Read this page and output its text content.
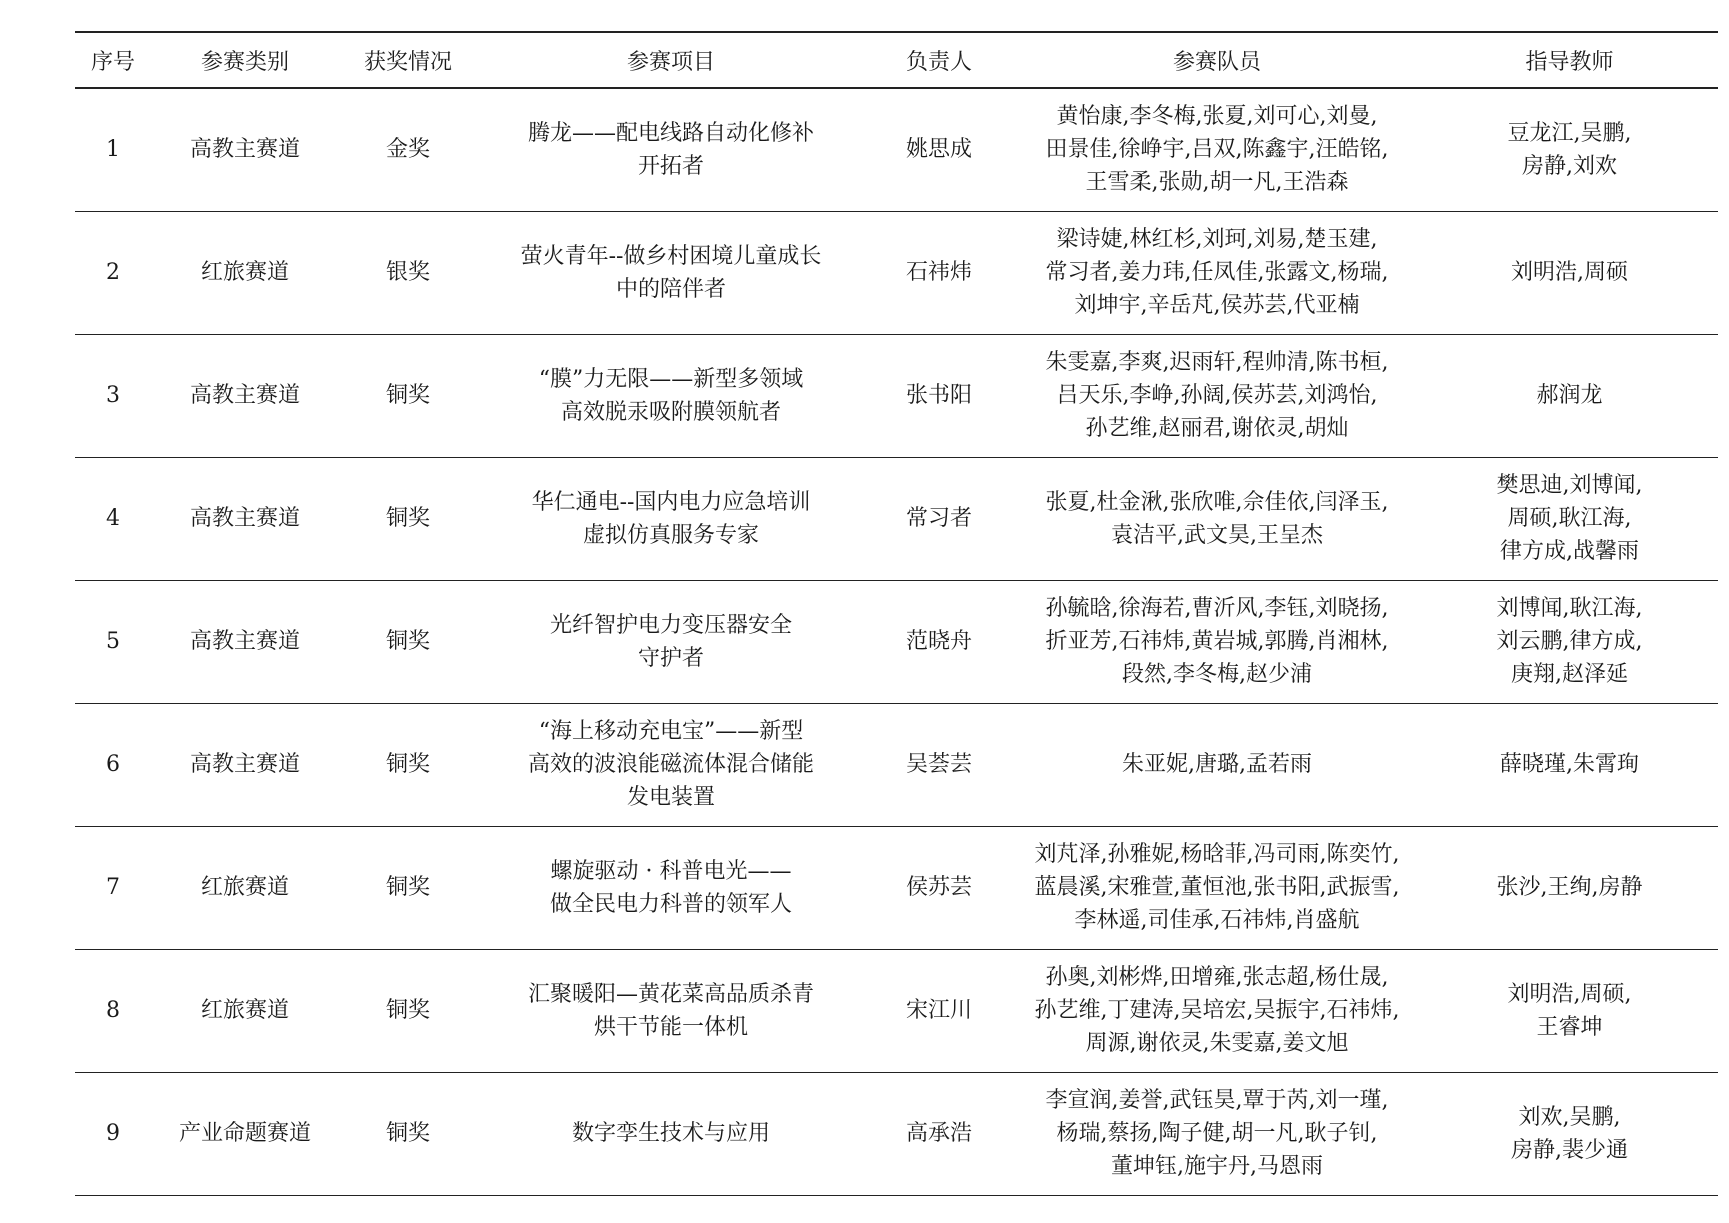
序号	参赛类别	获奖情况	参赛项目	负责人	参赛队员	指导教师
1	高教主赛道	金奖	腾龙——配电线路自动化修补
开拓者	姚思成	黄怡康,李冬梅,张夏,刘可心,刘曼,
田景佳,徐峥宇,吕双,陈鑫宇,汪皓铭,
王雪柔,张勋,胡一凡,王浩森	豆龙江,吴鹏,
房静,刘欢
2	红旅赛道	银奖	萤火青年--做乡村困境儿童成长
中的陪伴者	石祎炜	梁诗婕,林红杉,刘珂,刘易,楚玉建,
常习者,姜力玮,任凤佳,张露文,杨瑞,
刘坤宇,辛岳芃,侯苏芸,代亚楠	刘明浩,周硕
3	高教主赛道	铜奖	“膜”力无限——新型多领域
高效脱汞吸附膜领航者	张书阳	朱雯嘉,李爽,迟雨轩,程帅清,陈书桓,
吕天乐,李峥,孙阔,侯苏芸,刘鸿怡,
孙艺维,赵丽君,谢依灵,胡灿	郝润龙
4	高教主赛道	铜奖	华仁通电--国内电力应急培训
虚拟仿真服务专家	常习者	张夏,杜金湫,张欣唯,佘佳依,闫泽玉,
袁洁平,武文昊,王呈杰	樊思迪,刘博闻,
周硕,耿江海,
律方成,战馨雨
5	高教主赛道	铜奖	光纤智护电力变压器安全
守护者	范晓舟	孙毓晗,徐海若,曹沂风,李钰,刘晓扬,
折亚芳,石祎炜,黄岩城,郭腾,肖湘林,
段然,李冬梅,赵少浦	刘博闻,耿江海,
刘云鹏,律方成,
庚翔,赵泽延
6	高教主赛道	铜奖	“海上移动充电宝”——新型
高效的波浪能磁流体混合储能
发电装置	吴荟芸	朱亚妮,唐璐,孟若雨	薛晓瑾,朱霄珣
7	红旅赛道	铜奖	螺旋驱动 · 科普电光——
做全民电力科普的领军人	侯苏芸	刘芃泽,孙雅妮,杨晗菲,冯司雨,陈奕竹,
蓝晨溪,宋雅萱,董恒池,张书阳,武振雪,
李林遥,司佳承,石祎炜,肖盛航	张沙,王绚,房静
8	红旅赛道	铜奖	汇聚暖阳—黄花菜高品质杀青
烘干节能一体机	宋江川	孙奥,刘彬烨,田增雍,张志超,杨仕晟,
孙艺维,丁建涛,吴培宏,吴振宇,石祎炜,
周源,谢依灵,朱雯嘉,姜文旭	刘明浩,周硕,
王睿坤
9	产业命题赛道	铜奖	数字孪生技术与应用	高承浩	李宣润,姜誉,武钰昊,覃于芮,刘一瑾,
杨瑞,蔡扬,陶子健,胡一凡,耿子钊,
董坤钰,施宇丹,马恩雨	刘欢,吴鹏,
房静,裴少通
